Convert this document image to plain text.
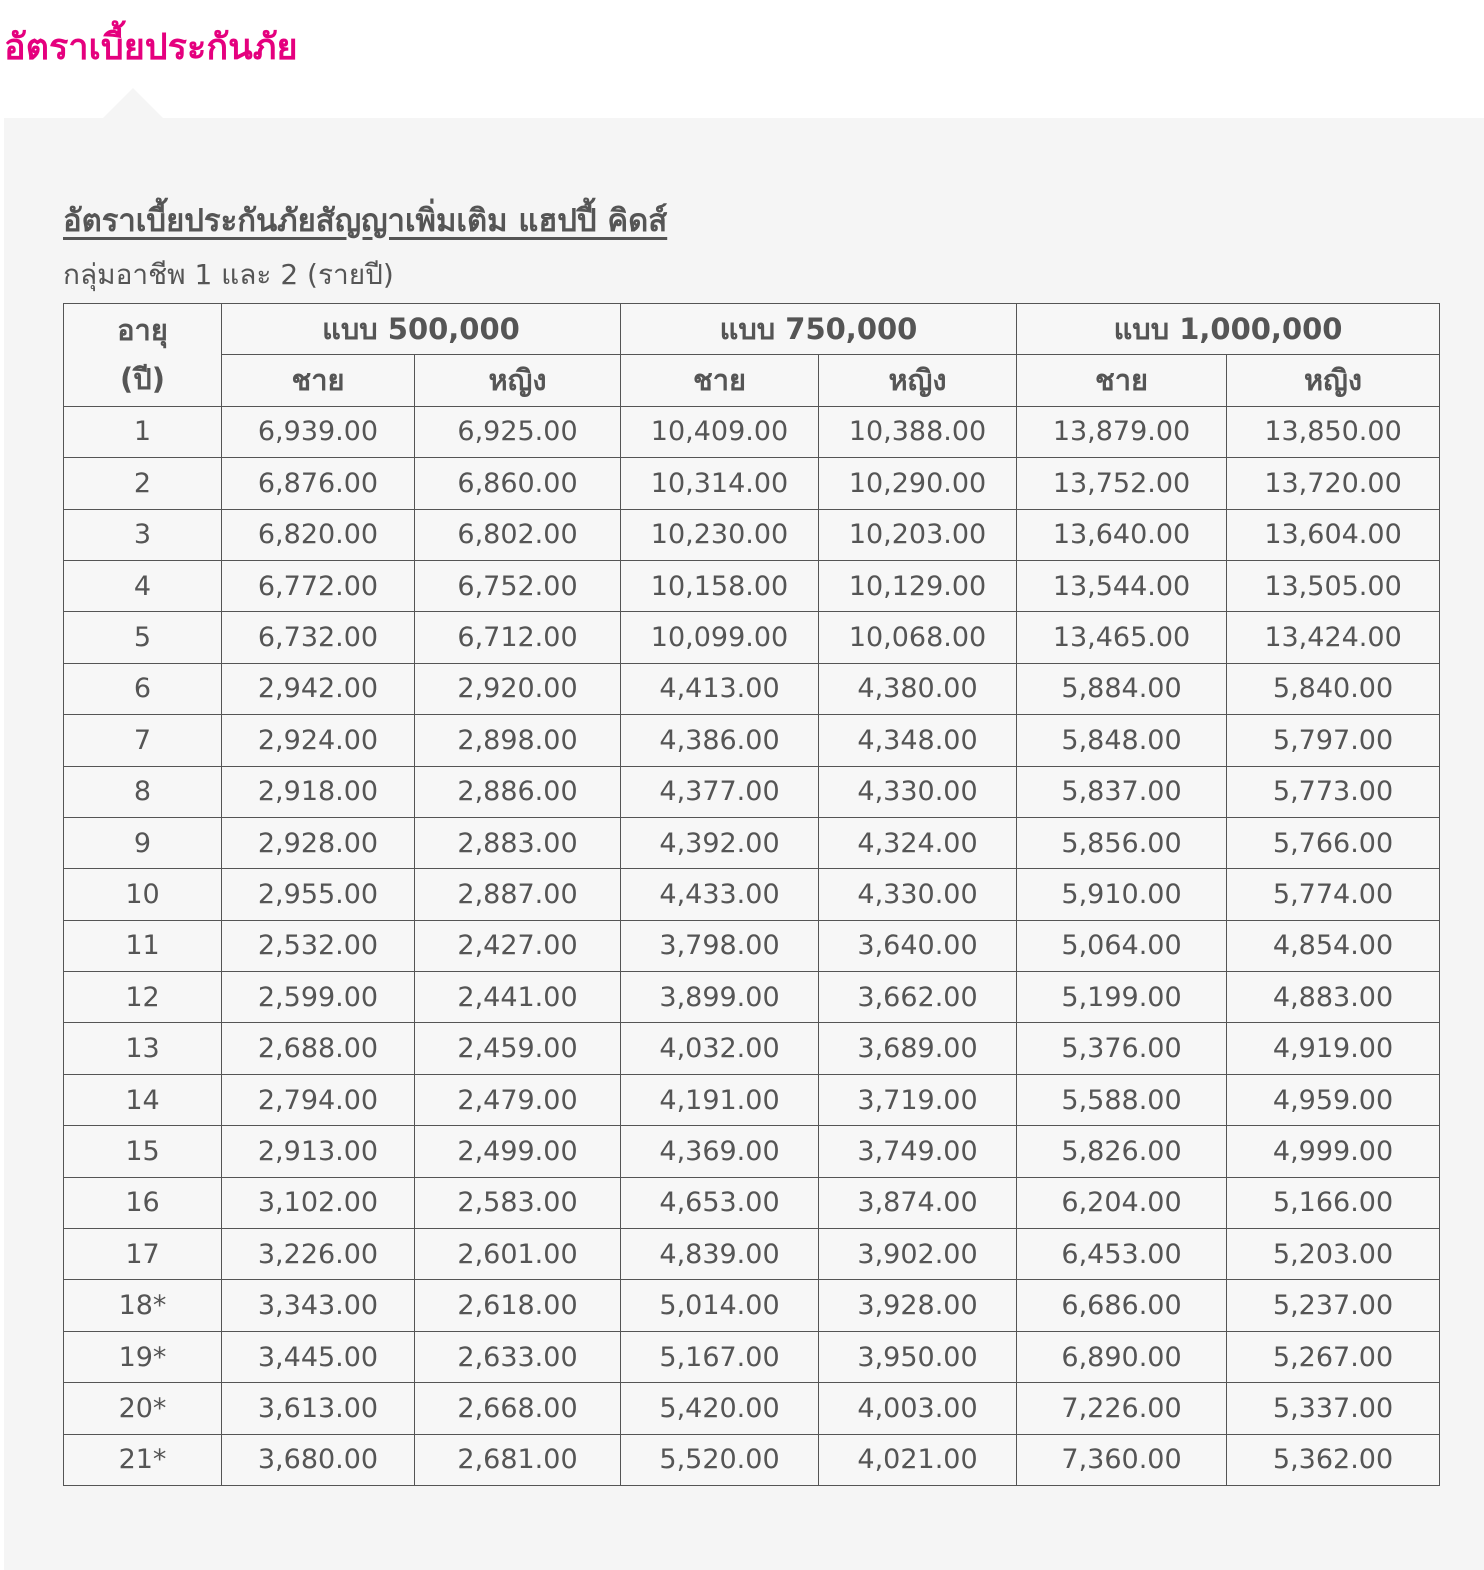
อัตราเบี้ยประกันภัย
อัตราเบี้ยประกันภัยสัญญาเพิ่มเติม แฮปปี้ คิดส์

กลุ่มอาชีพ 1 และ 2 (รายปี)

อายุ
(ปี)	แบบ 500,000		แบบ 750,000		แบบ 1,000,000	
	ชาย	หญิง	ชาย	หญิง	ชาย	หญิง
1	6,939.00	6,925.00	10,409.00	10,388.00	13,879.00	13,850.00
2	6,876.00	6,860.00	10,314.00	10,290.00	13,752.00	13,720.00
3	6,820.00	6,802.00	10,230.00	10,203.00	13,640.00	13,604.00
4	6,772.00	6,752.00	10,158.00	10,129.00	13,544.00	13,505.00
5	6,732.00	6,712.00	10,099.00	10,068.00	13,465.00	13,424.00
6	2,942.00	2,920.00	4,413.00	4,380.00	5,884.00	5,840.00
7	2,924.00	2,898.00	4,386.00	4,348.00	5,848.00	5,797.00
8	2,918.00	2,886.00	4,377.00	4,330.00	5,837.00	5,773.00
9	2,928.00	2,883.00	4,392.00	4,324.00	5,856.00	5,766.00
10	2,955.00	2,887.00	4,433.00	4,330.00	5,910.00	5,774.00
11	2,532.00	2,427.00	3,798.00	3,640.00	5,064.00	4,854.00
12	2,599.00	2,441.00	3,899.00	3,662.00	5,199.00	4,883.00
13	2,688.00	2,459.00	4,032.00	3,689.00	5,376.00	4,919.00
14	2,794.00	2,479.00	4,191.00	3,719.00	5,588.00	4,959.00
15	2,913.00	2,499.00	4,369.00	3,749.00	5,826.00	4,999.00
16	3,102.00	2,583.00	4,653.00	3,874.00	6,204.00	5,166.00
17	3,226.00	2,601.00	4,839.00	3,902.00	6,453.00	5,203.00
18*	3,343.00	2,618.00	5,014.00	3,928.00	6,686.00	5,237.00
19*	3,445.00	2,633.00	5,167.00	3,950.00	6,890.00	5,267.00
20*	3,613.00	2,668.00	5,420.00	4,003.00	7,226.00	5,337.00
21*	3,680.00	2,681.00	5,520.00	4,021.00	7,360.00	5,362.00
